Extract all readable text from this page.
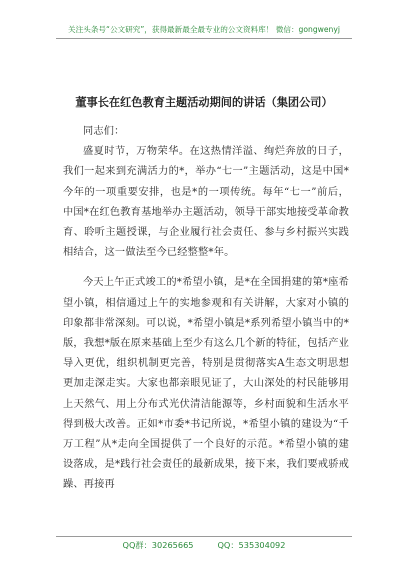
关注头条号“公文研究”，获得最新最全最专业的公文资料库！ 微信：gongwenyj
董事长在红色教育主题活动期间的讲话（集团公司）

同志们：

盛夏时节，万物荣华。在这热情洋溢、绚烂奔放的日子，我们一起来到充满活力的*，举办“七一”主题活动，这是中国*今年的一项重要安排，也是*的一项传统。每年“七一”前后，中国*在红色教育基地举办主题活动，领导干部实地接受革命教育、聆听主题授课，与企业履行社会责任、参与乡村振兴实践相结合，这一做法至今已经整整*年。

今天上午正式竣工的*希望小镇，是*在全国捐建的第*座希望小镇，相信通过上午的实地参观和有关讲解，大家对小镇的印象都非常深刻。可以说，*希望小镇是*系列希望小镇当中的*版，我想*版在原来基础上至少有这么几个新的特征，包括产业导入更优，组织机制更完善，特别是贯彻落实A生态文明思想更加走深走实。大家也都亲眼见证了，大山深处的村民能够用上天然气、用上分布式光伏清洁能源等，乡村面貌和生活水平得到极大改善。正如*市委*书记所说，*希望小镇的建设为“千万工程”从*走向全国提供了一个良好的示范。*希望小镇的建设落成，是*践行社会责任的最新成果，接下来，我们要戒骄戒躁、再接再

QQ群：30265665	QQ：535304092
